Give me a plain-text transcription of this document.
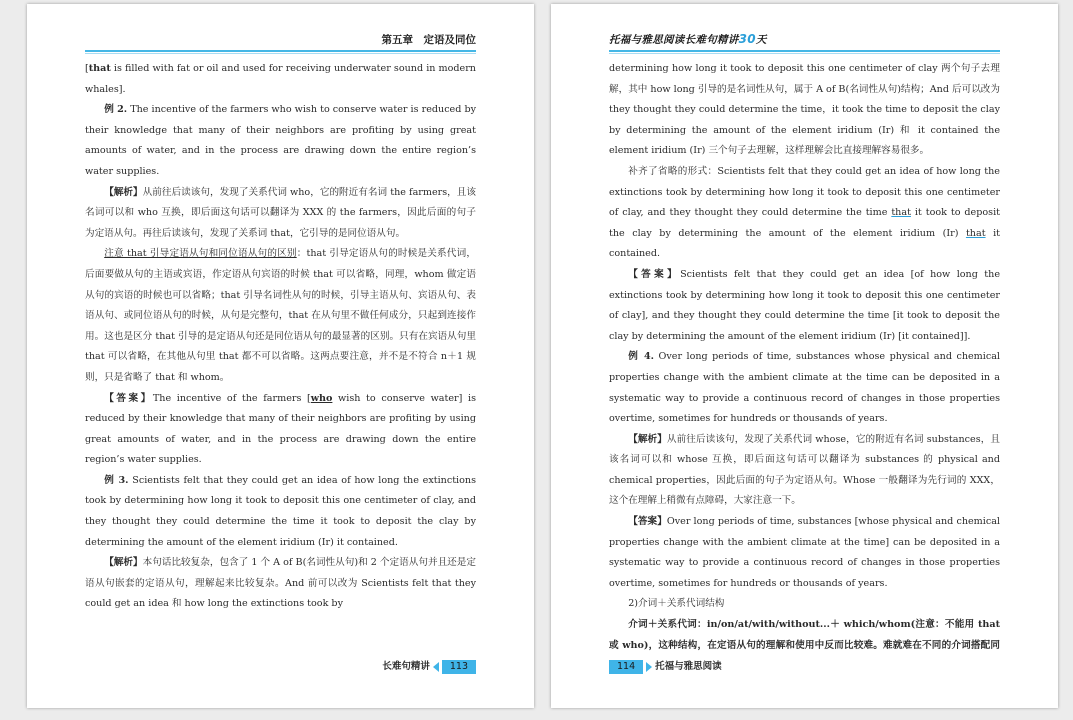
第五章　定语及同位

[that is filled with fat or oil and used for receiving underwater sound in modern whales].

例 2. The incentive of the farmers who wish to conserve water is reduced by their knowledge that many of their neighbors are profiting by using great amounts of water, and in the process are drawing down the entire region’s water supplies.

【解析】从前往后读该句，发现了关系代词 who，它的附近有名词 the farmers，且该名词可以和 who 互换，即后面这句话可以翻译为 XXX 的 the farmers，因此后面的句子为定语从句。再往后读该句，发现了关系词 that，它引导的是同位语从句。

注意 that 引导定语从句和同位语从句的区别：that 引导定语从句的时候是关系代词，后面要做从句的主语或宾语，作定语从句宾语的时候 that 可以省略，同理，whom 做定语从句的宾语的时候也可以省略；that 引导名词性从句的时候，引导主语从句、宾语从句、表语从句、或同位语从句的时候，从句是完整句，that 在从句里不做任何成分，只起到连接作用。这也是区分 that 引导的是定语从句还是同位语从句的最显著的区别。只有在宾语从句里 that 可以省略，在其他从句里 that 都不可以省略。这两点要注意，并不是不符合 n＋1 规则，只是省略了 that 和 whom。

【答案】The incentive of the farmers [who wish to conserve water] is reduced by their knowledge that many of their neighbors are profiting by using great amounts of water, and in the process are drawing down the entire region’s water supplies.

例 3. Scientists felt that they could get an idea of how long the extinctions took by determining how long it took to deposit this one centimeter of clay, and they thought they could determine the time it took to deposit the clay by determining the amount of the element iridium (Ir) it contained.

【解析】本句话比较复杂，包含了 1 个 A of B(名词性从句)和 2 个定语从句并且还是定语从句嵌套的定语从句，理解起来比较复杂。And 前可以改为 Scientists felt that they could get an idea 和 how long the extinctions took by

长难句精讲	113
托福与雅思阅读长难句精讲30天

determining how long it took to deposit this one centimeter of clay 两个句子去理解，其中 how long 引导的是名词性从句，属于 A of B(名词性从句)结构；And 后可以改为 they thought they could determine the time，it took the time to deposit the clay by determining the amount of the element iridium (Ir) 和 it contained the element iridium (Ir) 三个句子去理解，这样理解会比直接理解容易很多。

补齐了省略的形式：Scientists felt that they could get an idea of how long the extinctions took by determining how long it took to deposit this one centimeter of clay, and they thought they could determine the time that it took to deposit the clay by determining the amount of the element iridium (Ir) that it contained.

【答案】Scientists felt that they could get an idea [of how long the extinctions took by determining how long it took to deposit this one centimeter of clay], and they thought they could determine the time [it took to deposit the clay by determining the amount of the element iridium (Ir) [it contained]].

例 4. Over long periods of time, substances whose physical and chemical properties change with the ambient climate at the time can be deposited in a systematic way to provide a continuous record of changes in those properties overtime, sometimes for hundreds or thousands of years.

【解析】从前往后读该句，发现了关系代词 whose，它的附近有名词 substances，且该名词可以和 whose 互换，即后面这句话可以翻译为 substances 的 physical and chemical properties，因此后面的句子为定语从句。Whose 一般翻译为先行词的 XXX，这个在理解上稍微有点障碍，大家注意一下。

【答案】Over long periods of time, substances [whose physical and chemical properties change with the ambient climate at the time] can be deposited in a systematic way to provide a continuous record of changes in those properties overtime, sometimes for hundreds or thousands of years.

2)介词＋关系代词结构

介词＋关系代词：in/on/at/with/without...＋ which/whom(注意：不能用 that 或 who)，这种结构，在定语从句的理解和使用中反而比较难。难就难在不同的介词搭配同

114	托福与雅思阅读
